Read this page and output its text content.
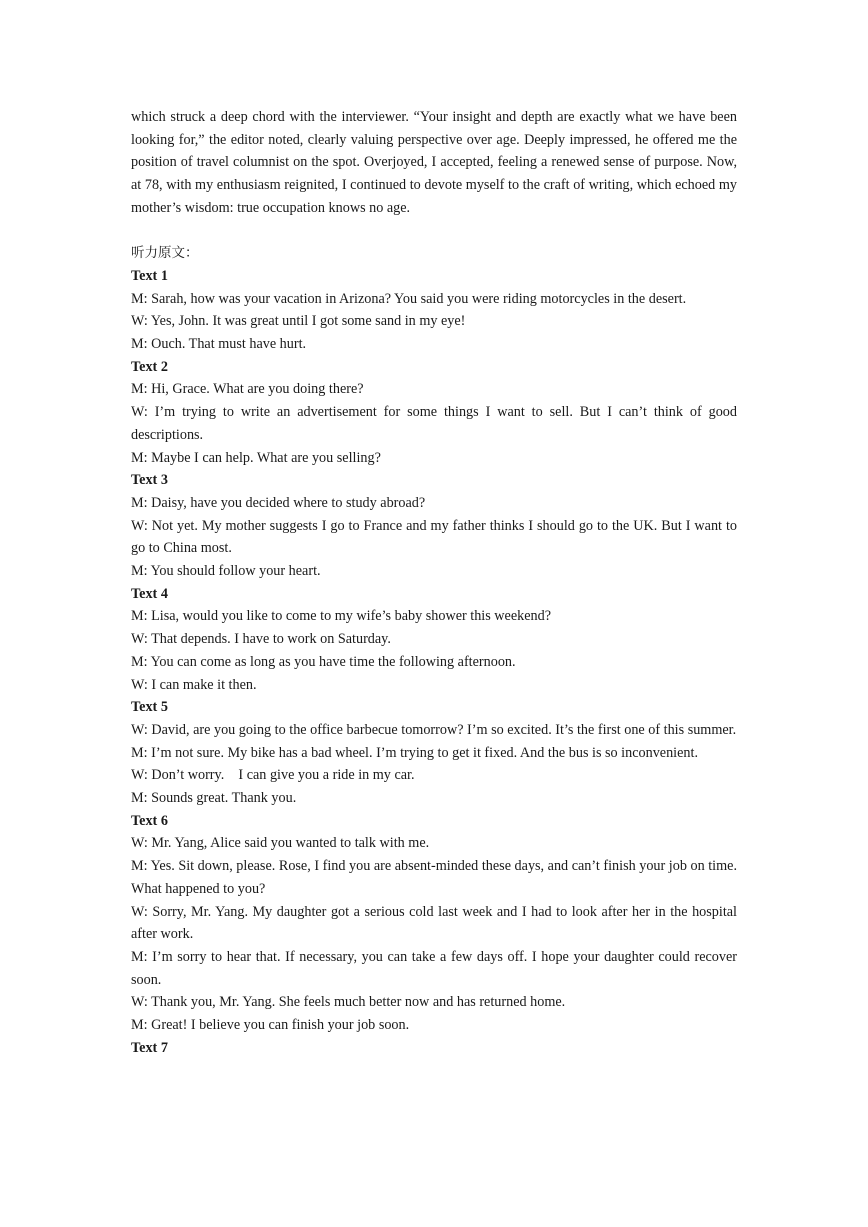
which struck a deep chord with the interviewer. “Your insight and depth are exactly what we have been looking for,” the editor noted, clearly valuing perspective over age. Deeply impressed, he offered me the position of travel columnist on the spot. Overjoyed, I accepted, feeling a renewed sense of purpose. Now, at 78, with my enthusiasm reignited, I continued to devote myself to the craft of writing, which echoed my mother’s wisdom: true occupation knows no age.

听力原文：

Text 1

M: Sarah, how was your vacation in Arizona? You said you were riding motorcycles in the desert.

W: Yes, John. It was great until I got some sand in my eye!

M: Ouch. That must have hurt.

Text 2

M: Hi, Grace. What are you doing there?

W: I’m trying to write an advertisement for some things I want to sell. But I can’t think of good descriptions.

M: Maybe I can help. What are you selling?

Text 3

M: Daisy, have you decided where to study abroad?

W: Not yet. My mother suggests I go to France and my father thinks I should go to the UK. But I want to go to China most.

M: You should follow your heart.

Text 4

M: Lisa, would you like to come to my wife’s baby shower this weekend?

W: That depends. I have to work on Saturday.

M: You can come as long as you have time the following afternoon.

W: I can make it then.

Text 5

W: David, are you going to the office barbecue tomorrow? I’m so excited. It’s the first one of this summer.

M: I’m not sure. My bike has a bad wheel. I’m trying to get it fixed. And the bus is so inconvenient.

W: Don’t worry.    I can give you a ride in my car.

M: Sounds great. Thank you.

Text 6

W: Mr. Yang, Alice said you wanted to talk with me.

M: Yes. Sit down, please. Rose, I find you are absent-minded these days, and can’t finish your job on time. What happened to you?

W: Sorry, Mr. Yang. My daughter got a serious cold last week and I had to look after her in the hospital after work.

M: I’m sorry to hear that. If necessary, you can take a few days off. I hope your daughter could recover soon.

W: Thank you, Mr. Yang. She feels much better now and has returned home.

M: Great! I believe you can finish your job soon.

Text 7
